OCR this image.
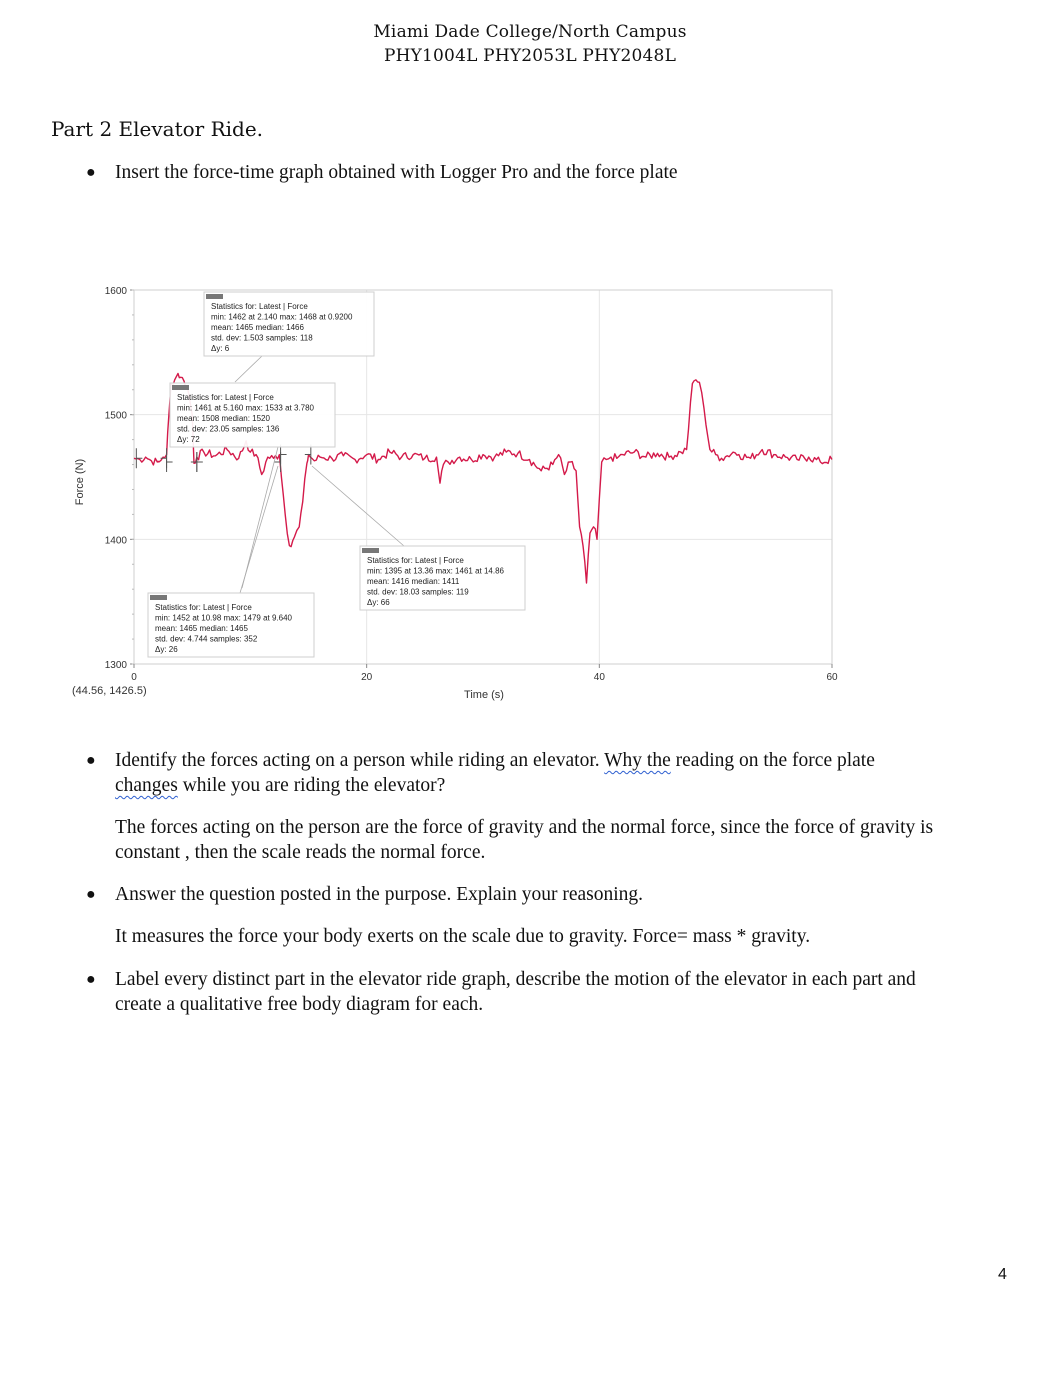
Miami Dade College/North Campus
PHY1004L PHY2053L PHY2048L
Part 2 Elevator Ride.
● Insert the force-time graph obtained with Logger Pro and the force plate
1600
1500
1400
1300
0	20	40	60
Force (N)
Time (s)
(44.56, 1426.5)
Statistics for: Latest | Force
min: 1462 at 2.140 max: 1468 at 0.9200
mean: 1465 median: 1466
std. dev: 1.503 samples: 118
Δy: 6
Statistics for: Latest | Force
min: 1461 at 5.160 max: 1533 at 3.780
mean: 1508 median: 1520
std. dev: 23.05 samples: 136
Δy: 72
Statistics for: Latest | Force
min: 1395 at 13.36 max: 1461 at 14.86
mean: 1416 median: 1411
std. dev: 18.03 samples: 119
Δy: 66
Statistics for: Latest | Force
min: 1452 at 10.98 max: 1479 at 9.640
mean: 1465 median: 1465
std. dev: 4.744 samples: 352
Δy: 26
● Identify the forces acting on a person while riding an elevator. Why the reading on the force plate
changes while you are riding the elevator?
The forces acting on the person are the force of gravity and the normal force, since the force of gravity is
constant , then the scale reads the normal force.
● Answer the question posted in the purpose. Explain your reasoning.
It measures the force your body exerts on the scale due to gravity. Force= mass * gravity.
● Label every distinct part in the elevator ride graph, describe the motion of the elevator in each part and
create a qualitative free body diagram for each.
4
